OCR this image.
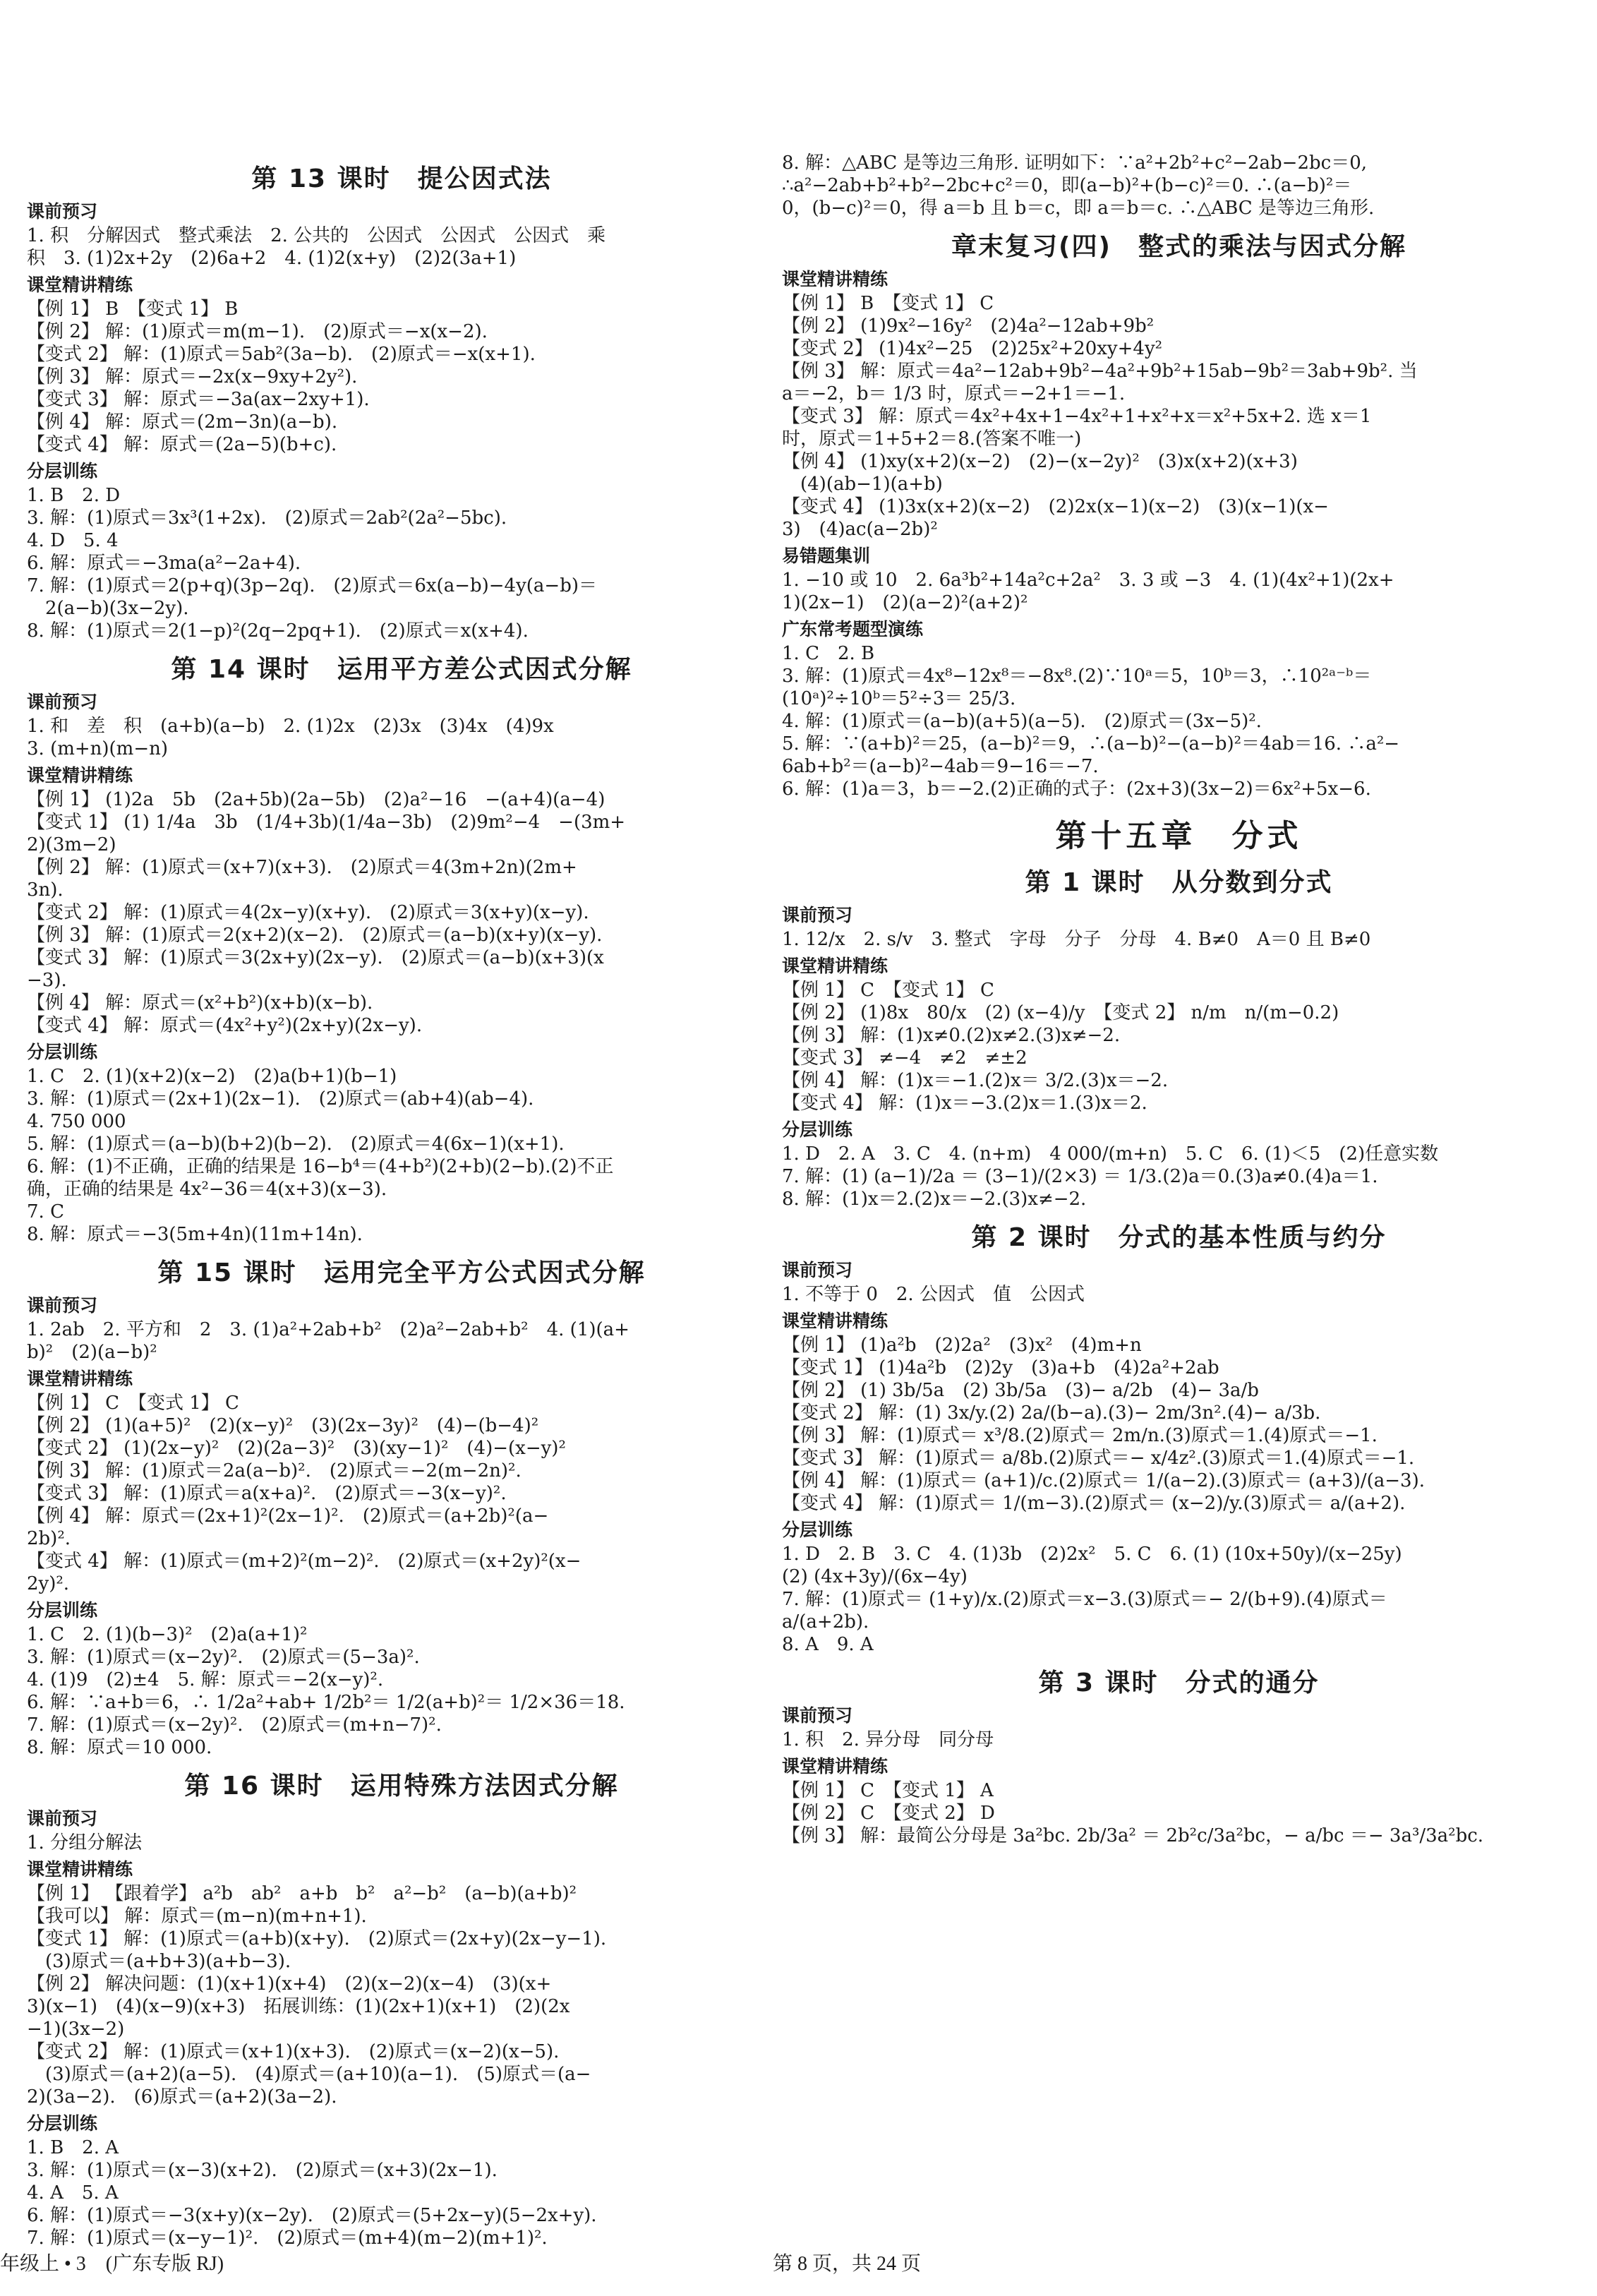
第 13 课时　提公因式法
课前预习
1. 积　分解因式　整式乘法　2. 公共的　公因式　公因式　公因式　乘
积　3. (1)2x+2y　(2)6a+2　4. (1)2(x+y)　(2)2(3a+1)
课堂精讲精练
【例 1】 B　【变式 1】 B
【例 2】 解：(1)原式＝m(m−1).　(2)原式＝−x(x−2).
【变式 2】 解：(1)原式＝5ab²(3a−b).　(2)原式＝−x(x+1).
【例 3】 解：原式＝−2x(x−9xy+2y²).
【变式 3】 解：原式＝−3a(ax−2xy+1).
【例 4】 解：原式＝(2m−3n)(a−b).
【变式 4】 解：原式＝(2a−5)(b+c).
分层训练
1. B　2. D
3. 解：(1)原式＝3x³(1+2x).　(2)原式＝2ab²(2a²−5bc).
4. D　5. 4
6. 解：原式＝−3ma(a²−2a+4).
7. 解：(1)原式＝2(p+q)(3p−2q).　(2)原式＝6x(a−b)−4y(a−b)＝
　2(a−b)(3x−2y).
8. 解：(1)原式＝2(1−p)²(2q−2pq+1).　(2)原式＝x(x+4).
第 14 课时　运用平方差公式因式分解
课前预习
1. 和　差　积　(a+b)(a−b)　2. (1)2x　(2)3x　(3)4x　(4)9x
3. (m+n)(m−n)
课堂精讲精练
【例 1】 (1)2a　5b　(2a+5b)(2a−5b)　(2)a²−16　−(a+4)(a−4)
【变式 1】 (1) 1/4a　3b　(1/4+3b)(1/4a−3b)　(2)9m²−4　−(3m+
2)(3m−2)
【例 2】 解：(1)原式＝(x+7)(x+3).　(2)原式＝4(3m+2n)(2m+
3n).
【变式 2】 解：(1)原式＝4(2x−y)(x+y).　(2)原式＝3(x+y)(x−y).
【例 3】 解：(1)原式＝2(x+2)(x−2).　(2)原式＝(a−b)(x+y)(x−y).
【变式 3】 解：(1)原式＝3(2x+y)(2x−y).　(2)原式＝(a−b)(x+3)(x
−3).
【例 4】 解：原式＝(x²+b²)(x+b)(x−b).
【变式 4】 解：原式＝(4x²+y²)(2x+y)(2x−y).
分层训练
1. C　2. (1)(x+2)(x−2)　(2)a(b+1)(b−1)
3. 解：(1)原式＝(2x+1)(2x−1).　(2)原式＝(ab+4)(ab−4).
4. 750 000
5. 解：(1)原式＝(a−b)(b+2)(b−2).　(2)原式＝4(6x−1)(x+1).
6. 解：(1)不正确，正确的结果是 16−b⁴＝(4+b²)(2+b)(2−b).(2)不正
确，正确的结果是 4x²−36＝4(x+3)(x−3).
7. C
8. 解：原式＝−3(5m+4n)(11m+14n).
第 15 课时　运用完全平方公式因式分解
课前预习
1. 2ab　2. 平方和　2　3. (1)a²+2ab+b²　(2)a²−2ab+b²　4. (1)(a+
b)²　(2)(a−b)²
课堂精讲精练
【例 1】 C　【变式 1】 C
【例 2】 (1)(a+5)²　(2)(x−y)²　(3)(2x−3y)²　(4)−(b−4)²
【变式 2】 (1)(2x−y)²　(2)(2a−3)²　(3)(xy−1)²　(4)−(x−y)²
【例 3】 解：(1)原式＝2a(a−b)².　(2)原式＝−2(m−2n)².
【变式 3】 解：(1)原式＝a(x+a)².　(2)原式＝−3(x−y)².
【例 4】 解：原式＝(2x+1)²(2x−1)².　(2)原式＝(a+2b)²(a−
2b)².
【变式 4】 解：(1)原式＝(m+2)²(m−2)².　(2)原式＝(x+2y)²(x−
2y)².
分层训练
1. C　2. (1)(b−3)²　(2)a(a+1)²
3. 解：(1)原式＝(x−2y)².　(2)原式＝(5−3a)².
4. (1)9　(2)±4　5. 解：原式＝−2(x−y)².
6. 解：∵a+b＝6，∴ 1/2a²+ab+ 1/2b²＝ 1/2(a+b)²＝ 1/2×36＝18.
7. 解：(1)原式＝(x−2y)².　(2)原式＝(m+n−7)².
8. 解：原式＝10 000.
第 16 课时　运用特殊方法因式分解
课前预习
1. 分组分解法
课堂精讲精练
【例 1】 【跟着学】 a²b　ab²　a+b　b²　a²−b²　(a−b)(a+b)²
【我可以】 解：原式＝(m−n)(m+n+1).
【变式 1】 解：(1)原式＝(a+b)(x+y).　(2)原式＝(2x+y)(2x−y−1).
　(3)原式＝(a+b+3)(a+b−3).
【例 2】 解决问题：(1)(x+1)(x+4)　(2)(x−2)(x−4)　(3)(x+
3)(x−1)　(4)(x−9)(x+3)　拓展训练：(1)(2x+1)(x+1)　(2)(2x
−1)(3x−2)
【变式 2】 解：(1)原式＝(x+1)(x+3).　(2)原式＝(x−2)(x−5).
　(3)原式＝(a+2)(a−5).　(4)原式＝(a+10)(a−1).　(5)原式＝(a−
2)(3a−2).　(6)原式＝(a+2)(3a−2).
分层训练
1. B　2. A
3. 解：(1)原式＝(x−3)(x+2).　(2)原式＝(x+3)(2x−1).
4. A　5. A
6. 解：(1)原式＝−3(x+y)(x−2y).　(2)原式＝(5+2x−y)(5−2x+y).
7. 解：(1)原式＝(x−y−1)².　(2)原式＝(m+4)(m−2)(m+1)².
8. 解：△ABC 是等边三角形. 证明如下：∵a²+2b²+c²−2ab−2bc＝0,
∴a²−2ab+b²+b²−2bc+c²＝0，即(a−b)²+(b−c)²＝0. ∴(a−b)²＝
0，(b−c)²＝0，得 a＝b 且 b＝c，即 a＝b＝c. ∴△ABC 是等边三角形.
章末复习(四)　整式的乘法与因式分解
课堂精讲精练
【例 1】 B　【变式 1】 C
【例 2】 (1)9x²−16y²　(2)4a²−12ab+9b²
【变式 2】 (1)4x²−25　(2)25x²+20xy+4y²
【例 3】 解：原式＝4a²−12ab+9b²−4a²+9b²+15ab−9b²＝3ab+9b². 当
a＝−2，b＝ 1/3 时，原式＝−2+1＝−1.
【变式 3】 解：原式＝4x²+4x+1−4x²+1+x²+x＝x²+5x+2. 选 x＝1
时，原式＝1+5+2＝8.(答案不唯一)
【例 4】 (1)xy(x+2)(x−2)　(2)−(x−2y)²　(3)x(x+2)(x+3)
　(4)(ab−1)(a+b)
【变式 4】 (1)3x(x+2)(x−2)　(2)2x(x−1)(x−2)　(3)(x−1)(x−
3)　(4)ac(a−2b)²
易错题集训
1. −10 或 10　2. 6a³b²+14a²c+2a²　3. 3 或 −3　4. (1)(4x²+1)(2x+
1)(2x−1)　(2)(a−2)²(a+2)²
广东常考题型演练
1. C　2. B
3. 解：(1)原式＝4x⁸−12x⁸＝−8x⁸.(2)∵10ᵃ＝5，10ᵇ＝3，∴10²ᵃ⁻ᵇ＝
(10ᵃ)²÷10ᵇ＝5²÷3＝ 25/3.
4. 解：(1)原式＝(a−b)(a+5)(a−5).　(2)原式＝(3x−5)².
5. 解：∵(a+b)²＝25，(a−b)²＝9，∴(a−b)²−(a−b)²＝4ab＝16. ∴a²−
6ab+b²＝(a−b)²−4ab＝9−16＝−7.
6. 解：(1)a＝3，b＝−2.(2)正确的式子：(2x+3)(3x−2)＝6x²+5x−6.
第十五章　分式
第 1 课时　从分数到分式
课前预习
1. 12/x　2. s/v　3. 整式　字母　分子　分母　4. B≠0　A＝0 且 B≠0
课堂精讲精练
【例 1】 C　【变式 1】 C
【例 2】 (1)8x　80/x　(2) (x−4)/y　【变式 2】 n/m　n/(m−0.2)
【例 3】 解：(1)x≠0.(2)x≠2.(3)x≠−2.
【变式 3】 ≠−4　≠2　≠±2
【例 4】 解：(1)x＝−1.(2)x＝ 3/2.(3)x＝−2.
【变式 4】 解：(1)x＝−3.(2)x＝1.(3)x＝2.
分层训练
1. D　2. A　3. C　4. (n+m)　4 000/(m+n)　5. C　6. (1)＜5　(2)任意实数
7. 解：(1) (a−1)/2a ＝ (3−1)/(2×3) ＝ 1/3.(2)a＝0.(3)a≠0.(4)a＝1.
8. 解：(1)x＝2.(2)x＝−2.(3)x≠−2.
第 2 课时　分式的基本性质与约分
课前预习
1. 不等于 0　2. 公因式　值　公因式
课堂精讲精练
【例 1】 (1)a²b　(2)2a²　(3)x²　(4)m+n
【变式 1】 (1)4a²b　(2)2y　(3)a+b　(4)2a²+2ab
【例 2】 (1) 3b/5a　(2) 3b/5a　(3)− a/2b　(4)− 3a/b
【变式 2】 解：(1) 3x/y.(2) 2a/(b−a).(3)− 2m/3n².(4)− a/3b.
【例 3】 解：(1)原式＝ x³/8.(2)原式＝ 2m/n.(3)原式＝1.(4)原式＝−1.
【变式 3】 解：(1)原式＝ a/8b.(2)原式＝− x/4z².(3)原式＝1.(4)原式＝−1.
【例 4】 解：(1)原式＝ (a+1)/c.(2)原式＝ 1/(a−2).(3)原式＝ (a+3)/(a−3).
【变式 4】 解：(1)原式＝ 1/(m−3).(2)原式＝ (x−2)/y.(3)原式＝ a/(a+2).
分层训练
1. D　2. B　3. C　4. (1)3b　(2)2x²　5. C　6. (1) (10x+50y)/(x−25y)
(2) (4x+3y)/(6x−4y)
7. 解：(1)原式＝ (1+y)/x.(2)原式＝x−3.(3)原式＝− 2/(b+9).(4)原式＝
a/(a+2b).
8. A　9. A
第 3 课时　分式的通分
课前预习
1. 积　2. 异分母　同分母
课堂精讲精练
【例 1】 C　【变式 1】 A
【例 2】 C　【变式 2】 D
【例 3】 解：最简公分母是 3a²bc. 2b/3a² ＝ 2b²c/3a²bc，− a/bc ＝− 3a³/3a²bc.
年级上 • 3　(广东专版 RJ)	第 8 页，共 24 页
